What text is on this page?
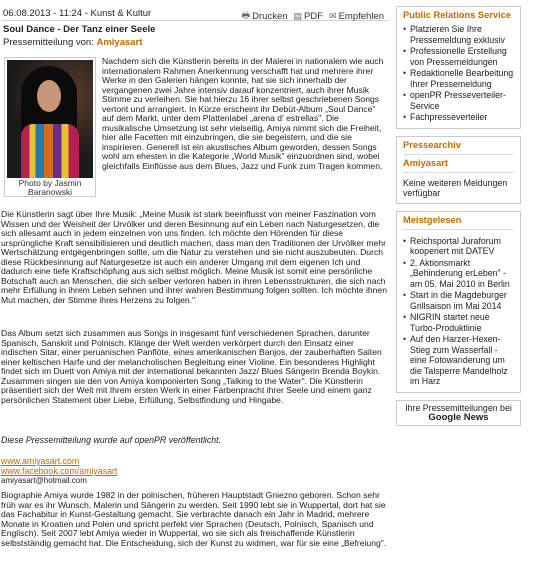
06.08.2013 - 11:24 - Kunst & Kultur	🖶 Drucken ▤ PDF ✉ Empfehlen
Soul Dance - Der Tanz einer Seele
Pressemitteilung von: Amiyasart
Photo by Jasmin Baranowski
Nachdem sich die Künstlerin bereits in der Malerei in nationalem wie auch internationalem Rahmen Anerkennung verschafft hat und mehrere ihrer Werke in den Galerien hängen konnte, hat sie sich innerhalb der vergangenen zwei Jahre intensiv darauf konzentriert, auch ihrer Musik Stimme zu verleihen. Sie hat hierzu 16 ihrer selbst geschriebenen Songs vertont und arrangiert. In Kürze erscheint ihr Debüt-Album „Soul Dance" auf dem Markt, unter dem Plattenlabel „arena d' estrellas". Die musikalische Umsetzung ist sehr vielseitig, Amiya nimmt sich die Freiheit, hier alle Facetten mit einzubringen, die sie begeistern, und die sie inspirieren. Generell ist ein akustisches Album geworden, dessen Songs wohl am ehesten in die Kategorie „World Musik" einzuordnen sind, wobei gleichfalls Einflüsse aus dem Blues, Jazz und Funk zum Tragen kommen.
Die Künstlerin sagt über Ihre Musik: „Meine Musik ist stark beeinflusst von meiner Faszination vom Wissen und der Weisheit der Urvölker und deren Besinnung auf ein Leben nach Naturgesetzen, die sich allesamt auch in jedem einzelnen von uns finden. Ich möchte den Hörenden für diese ursprüngliche Kraft sensibilisieren und deutlich machen, dass man den Traditionen der Urvölker mehr Wertschätzung entgegenbringen sollte, um die Natur zu verstehen und sie nicht auszubeuten. Durch diese Rückbesinnung auf Naturgesetze ist auch ein anderer Umgang mit dem eigenen Ich und dadurch eine tiefe Kraftschöpfung aus sich selbst möglich. Meine Musik ist somit eine persönliche Botschaft auch an Menschen, die sich selber verloren haben in ihren Lebensstrukturen, die sich nach mehr Erfüllung in ihrem Leben sehnen und ihrer wahren Bestimmung folgen sollten. Ich möchte ihnen Mut machen, der Stimme ihres Herzens zu folgen."
Das Album setzt sich zusammen aus Songs in insgesamt fünf verschiedenen Sprachen, darunter Spanisch, Sanskrit und Polnisch. Klänge der Welt werden verkörpert durch den Einsatz einer indischen Sitar, einer peruanischen Panflöte, eines amerikanischen Banjos, der zauberhaften Saiten einer keltischen Harfe und der melancholischen Begleitung einer Violine. Ein besonderes Highlight findet sich im Duett von Amiya mit der international bekannten Jazz/ Blues Sängerin Brenda Boykin. Zusammen singen sie den von Amiya komponierten Song „Talking to the Water". Die Künstlerin präsentiert sich der Welt mit Ihrem ersten Werk in einer Farbenpracht ihrer Seele und einem ganz persönlichen Statement über Liebe, Erfüllung, Selbstfindung und Hingabe.
Diese Pressemitteilung wurde auf openPR veröffentlicht.
www.amiyasart.com
www.facebook.com/amiyasart
amiyasart@hotmail.com
Biographie Amiya wurde 1982 in der polnischen, früheren Hauptstadt Gniezno geboren. Schon sehr früh war es ihr Wunsch, Malerin und Sängerin zu werden. Seit 1990 lebt sie in Wuppertal, dort hat sie das Fachabitur in Kunst-Gestaltung gemacht. Sie verbrachte danach ein Jahr in Madrid, mehrere Monate in Kroatien und Polen und spricht perfekt vier Sprachen (Deutsch, Polnisch, Spanisch und Englisch). Seit 2007 lebt Amiya wieder in Wuppertal, wo sie sich als freischaffende Künstlerin selbstständig gemacht hat. Die Entscheidung, sich der Kunst zu widmen, war für sie eine „Befreiung".
Public Relations Service
• Platzieren Sie Ihre Pressemeldung exklusiv
• Professionelle Erstellung von Pressemeldungen
• Redaktionelle Bearbeitung Ihrer Pressemeldung
• openPR Presseverteiler-Service
• Fachpresseverteiler
Pressearchiv
Amiyasart
Keine weiteren Meldungen verfügbar
Meistgelesen
• Reichsportal Juraforum kooperiert mit DATEV
• 2. Aktionsmarkt „Behinderung erLeben" - am 05. Mai 2010 in Berlin
• Start in die Magdeburger Grillsaison im Mai 2014
• NIGRIN startet neue Turbo-Produktlinie
• Auf den Harzer-Hexen-Stieg zum Wasserfall - eine Fotowanderung um die Talsperre Mandelholz im Harz
Ihre Pressemitteilungen bei
Google News
